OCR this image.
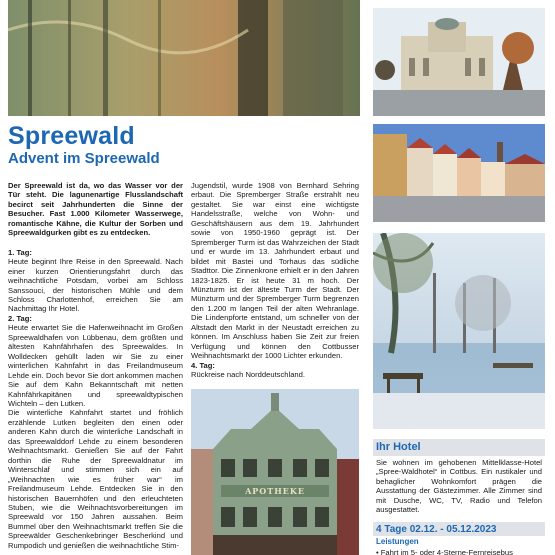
APOTHEKE
Spreewald
Advent im Spreewald

Der Spreewald ist da, wo das Wasser vor der Tür steht. Die lagunenartige Flusslandschaft becirct seit Jahrhunderten die Sinne der Besucher. Fast 1.000 Kilometer Wasserwege, romantische Kähne, die Kultur der Sorben und Spreewaldgurken gibt es zu entdecken.

1. Tag:

Heute beginnt Ihre Reise in den Spreewald. Nach einer kurzen Orientierungsfahrt durch das weihnachtliche Potsdam, vorbei am Schloss Sanssouci, der historischen Mühle und dem Schloss Charlottenhof, erreichen Sie am Nachmittag Ihr Hotel.

2. Tag:

Heute erwartet Sie die Hafenweihnacht im Großen Spreewaldhafen von Lübbenau, dem größten und ältesten Kahnfährhafen des Spreewaldes. In Wolldecken gehüllt laden wir Sie zu einer winterlichen Kahnfahrt in das Freilandmuseum Lehde ein. Doch bevor Sie dort ankommen machen Sie auf dem Kahn Bekanntschaft mit netten Kahnfährkapitänen und spreewaldtypischen Wichteln – den Lutken.

Die winterliche Kahnfahrt startet und fröhlich erzählende Lutken begleiten den einen oder anderen Kahn durch die winterliche Landschaft in das Spreewalddorf Lehde zu einem besonderen Weihnachtsmarkt. Genießen Sie auf der Fahrt dorthin die Ruhe der Spreewaldnatur im Winterschlaf und stimmen sich ein auf „Weihnachten wie es früher war“ im Freilandmuseum Lehde. Entdecken Sie in den historischen Bauernhöfen und den erleuchteten Stuben, wie die Weihnachtsvorbereitungen im Spreewald vor 150 Jahren aussahen. Beim Bummel über den Weihnachtsmarkt treffen Sie die Spreewälder Geschenkebringer Bescherkind und Rumpodich und genießen die weihnachtliche Stim-

Jugendstil, wurde 1908 von Bernhard Sehring erbaut. Die Spremberger Straße erstrahlt neu gestaltet. Sie war einst eine wichtigste Handelsstraße, welche von Wohn- und Geschäftshäusern aus dem 19. Jahrhundert sowie von 1950-1960 geprägt ist. Der Spremberger Turm ist das Wahrzeichen der Stadt und er wurde im 13. Jahrhundert erbaut und bildet mit Bastei und Torhaus das südliche Stadttor. Die Zinnenkrone erhielt er in den Jahren 1823-1825. Er ist heute 31 m hoch. Der Münzturm ist der älteste Turm der Stadt. Der Münzturm und der Spremberger Turm begrenzen den 1.200 m langen Teil der alten Wehranlage. Die Lindenpforte entstand, um schneller von der Altstadt den Markt in der Neustadt erreichen zu können. Im Anschluss haben Sie Zeit zur freien Verfügung und können den Cottbusser Weihnachtsmarkt der 1000 Lichter erkunden.

4. Tag:

Rückreise nach Norddeutschland.

Ihr Hotel
Sie wohnen im gehobenen Mittelklasse-Hotel „Spree-Waldhotel“ in Cottbus. Ein rustikaler und behaglicher Wohnkomfort prägen die Ausstattung der Gästezimmer. Alle Zimmer sind mit Dusche, WC, TV, Radio und Telefon ausgestattet.
4 Tage 02.12. - 05.12.2023
Leistungen
• Fahrt im 5- oder 4-Sterne-Fernreisebus
